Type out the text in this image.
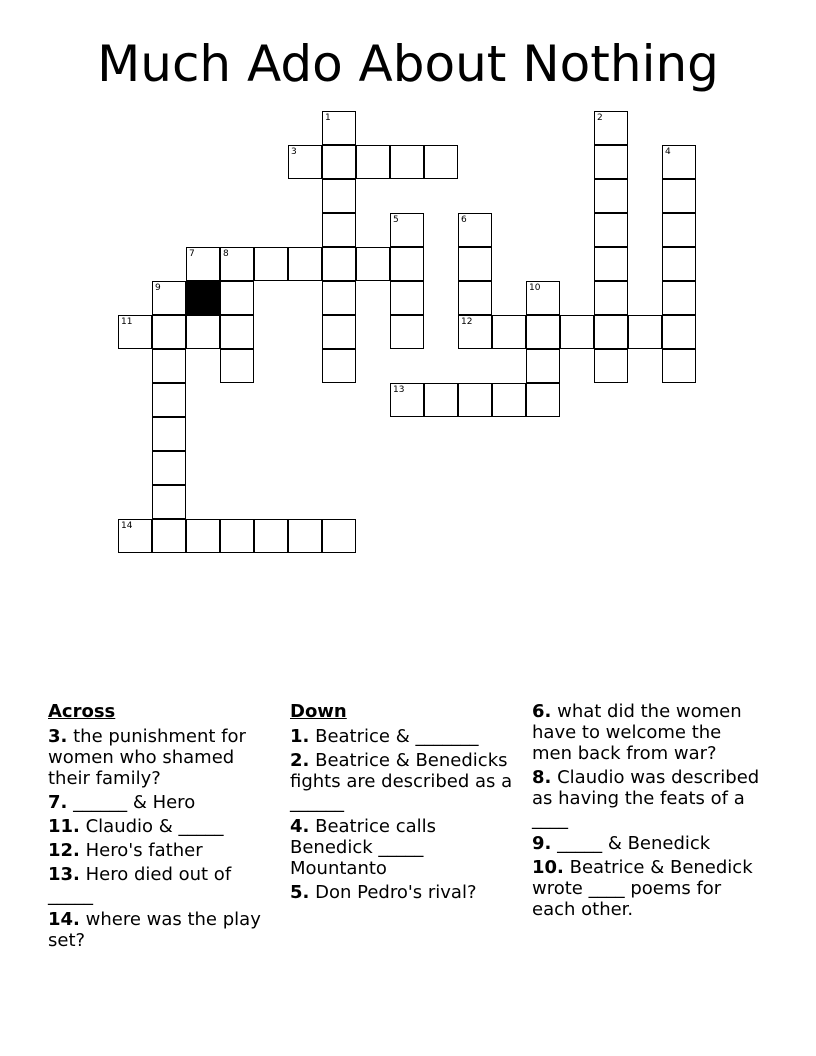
Much Ado About Nothing
1	2
3	4
5	6
7	8
9	10
11	12
13
14
Across
3. the punishment for women who shamed their family?
7. ______ & Hero
11. Claudio & _____
12. Hero's father
13. Hero died out of _____
14. where was the play set?
Down
1. Beatrice & _______
2. Beatrice & Benedicks fights are described as a ______
4. Beatrice calls Benedick _____ Mountanto
5. Don Pedro's rival?
6. what did the women have to welcome the men back from war?
8. Claudio was described as having the feats of a ____
9. _____ & Benedick
10. Beatrice & Benedick wrote ____ poems for each other.
